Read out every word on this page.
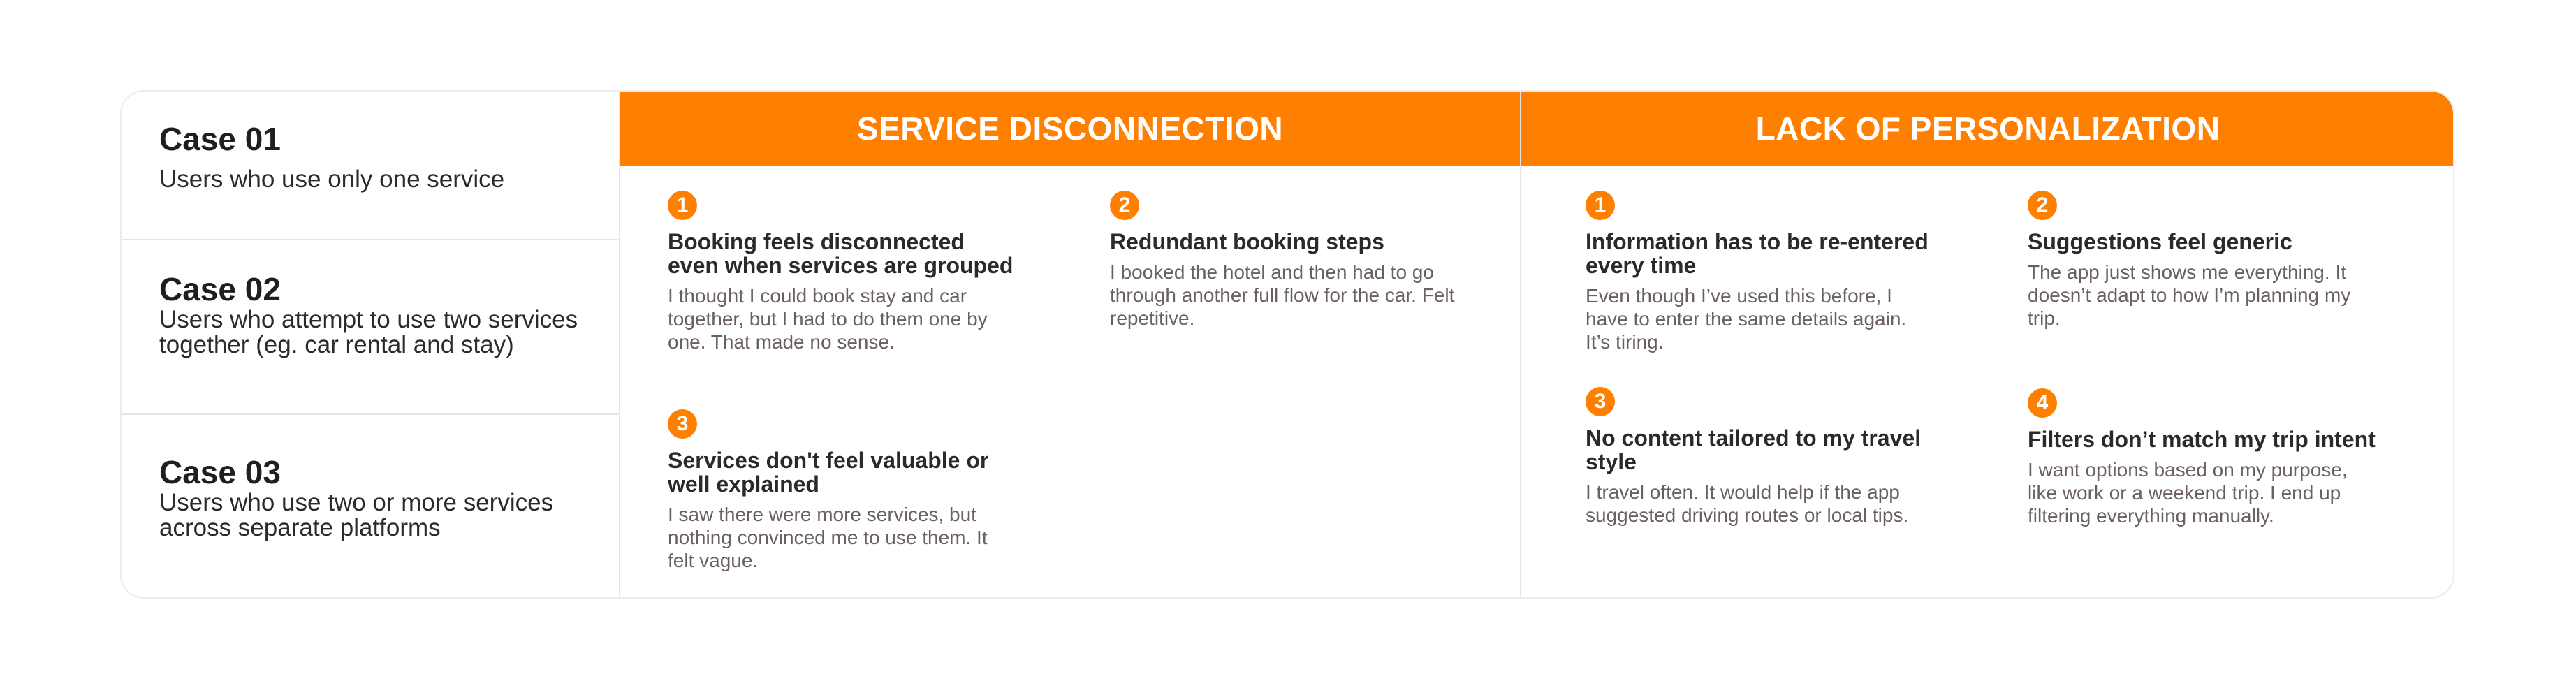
Case 01

Users who use only one service

Case 02

Users who attempt to use two services together (eg. car rental and stay)

Case 03

Users who use two or more services across separate platforms

SERVICE DISCONNECTION
1

Booking feels disconnected even when services are grouped

I thought I could book stay and car together, but I had to do them one by one. That made no sense.

2

Redundant booking steps

I booked the hotel and then had to go through another full flow for the car. Felt repetitive.

3

Services don't feel valuable or well explained

I saw there were more services, but nothing convinced me to use them. It felt vague.

LACK OF PERSONALIZATION
1

Information has to be re-entered every time

Even though I’ve used this before, I have to enter the same details again. It’s tiring.

2

Suggestions feel generic

The app just shows me everything. It doesn’t adapt to how I’m planning my trip.

3

No content tailored to my travel style

I travel often. It would help if the app suggested driving routes or local tips.

4

Filters don’t match my trip intent

I want options based on my purpose, like work or a weekend trip. I end up filtering everything manually.
